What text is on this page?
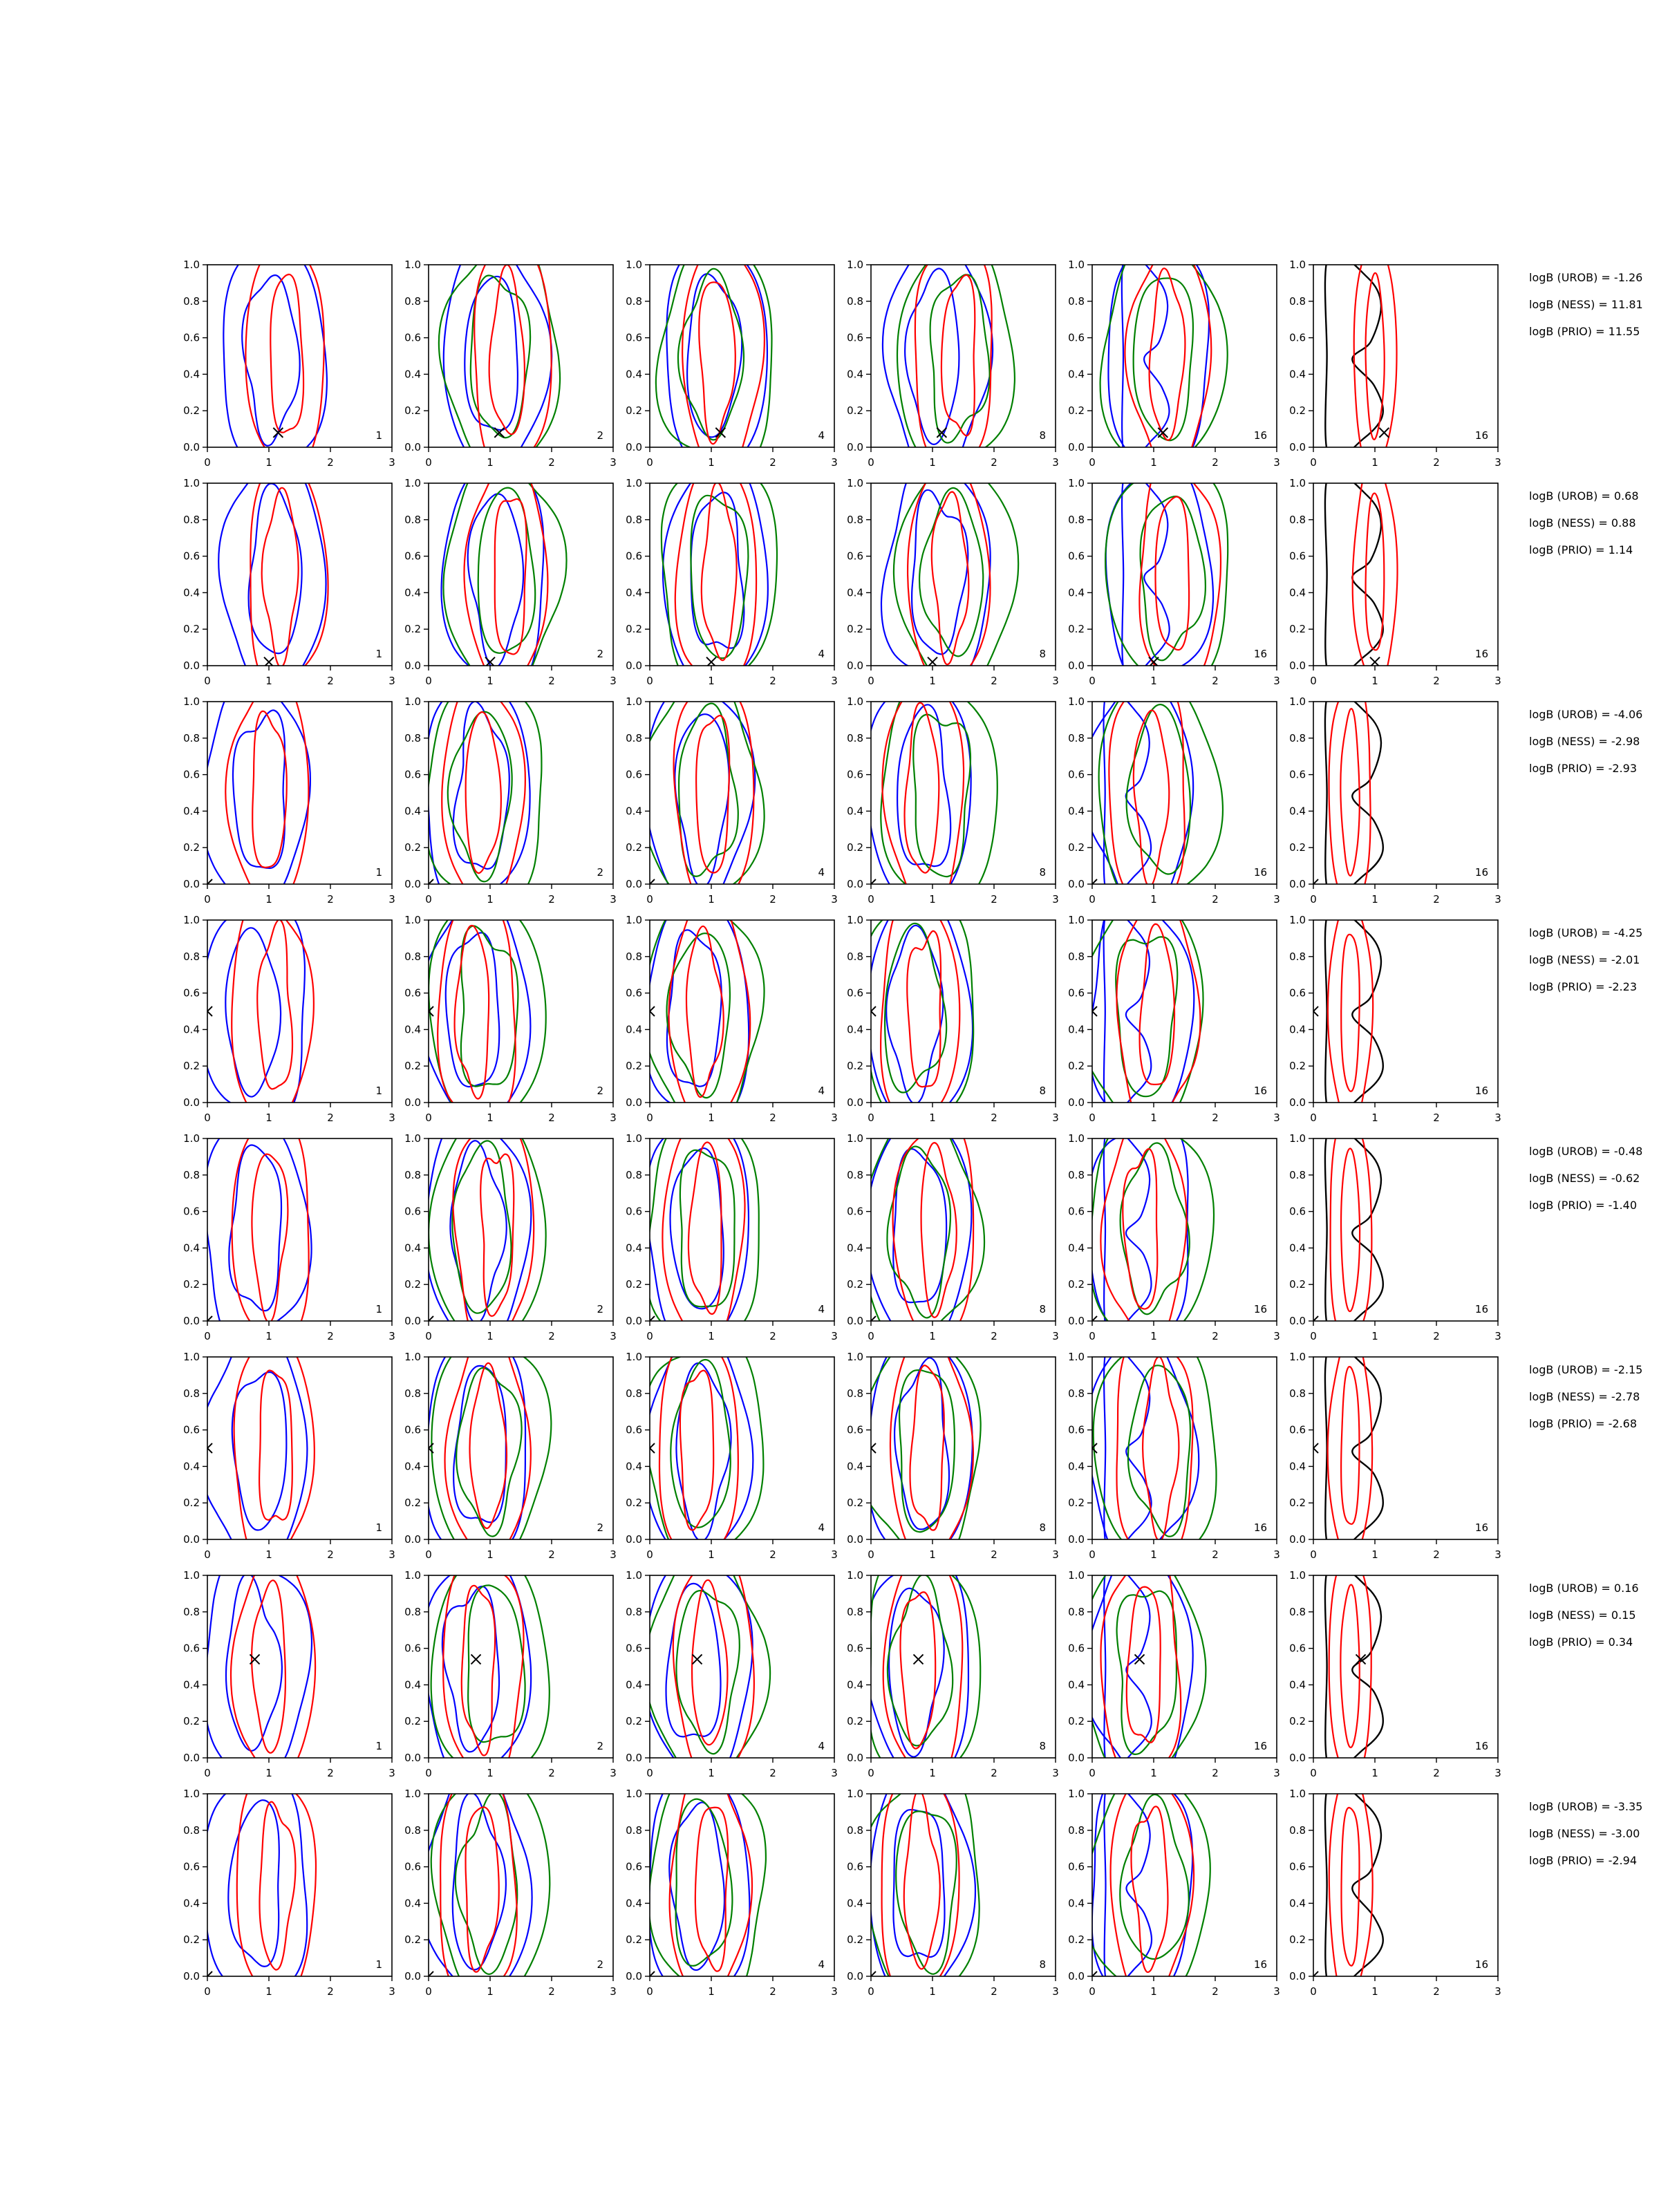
0	1	2	3
0.0
0.2
0.4
0.6
0.8
1.0
1
0	1	2	3
0.0
0.2
0.4
0.6
0.8
1.0
2
0	1	2	3
0.0
0.2
0.4
0.6
0.8
1.0
4
0	1	2	3
0.0
0.2
0.4
0.6
0.8
1.0
8
0	1	2	3
0.0
0.2
0.4
0.6
0.8
1.0
16
0	1	2	3
0.0
0.2
0.4
0.6
0.8
1.0
16
logB (UROB) = -1.26
logB (NESS) = 11.81
logB (PRIO) = 11.55
0	1	2	3
0.0
0.2
0.4
0.6
0.8
1.0
1
0	1	2	3
0.0
0.2
0.4
0.6
0.8
1.0
2
0	1	2	3
0.0
0.2
0.4
0.6
0.8
1.0
4
0	1	2	3
0.0
0.2
0.4
0.6
0.8
1.0
8
0	1	2	3
0.0
0.2
0.4
0.6
0.8
1.0
16
0	1	2	3
0.0
0.2
0.4
0.6
0.8
1.0
16
logB (UROB) = 0.68
logB (NESS) = 0.88
logB (PRIO) = 1.14
0	1	2	3
0.0
0.2
0.4
0.6
0.8
1.0
1
0	1	2	3
0.0
0.2
0.4
0.6
0.8
1.0
2
0	1	2	3
0.0
0.2
0.4
0.6
0.8
1.0
4
0	1	2	3
0.0
0.2
0.4
0.6
0.8
1.0
8
0	1	2	3
0.0
0.2
0.4
0.6
0.8
1.0
16
0	1	2	3
0.0
0.2
0.4
0.6
0.8
1.0
16
logB (UROB) = -4.06
logB (NESS) = -2.98
logB (PRIO) = -2.93
0	1	2	3
0.0
0.2
0.4
0.6
0.8
1.0
1
0	1	2	3
0.0
0.2
0.4
0.6
0.8
1.0
2
0	1	2	3
0.0
0.2
0.4
0.6
0.8
1.0
4
0	1	2	3
0.0
0.2
0.4
0.6
0.8
1.0
8
0	1	2	3
0.0
0.2
0.4
0.6
0.8
1.0
16
0	1	2	3
0.0
0.2
0.4
0.6
0.8
1.0
16
logB (UROB) = -4.25
logB (NESS) = -2.01
logB (PRIO) = -2.23
0	1	2	3
0.0
0.2
0.4
0.6
0.8
1.0
1
0	1	2	3
0.0
0.2
0.4
0.6
0.8
1.0
2
0	1	2	3
0.0
0.2
0.4
0.6
0.8
1.0
4
0	1	2	3
0.0
0.2
0.4
0.6
0.8
1.0
8
0	1	2	3
0.0
0.2
0.4
0.6
0.8
1.0
16
0	1	2	3
0.0
0.2
0.4
0.6
0.8
1.0
16
logB (UROB) = -0.48
logB (NESS) = -0.62
logB (PRIO) = -1.40
0	1	2	3
0.0
0.2
0.4
0.6
0.8
1.0
1
0	1	2	3
0.0
0.2
0.4
0.6
0.8
1.0
2
0	1	2	3
0.0
0.2
0.4
0.6
0.8
1.0
4
0	1	2	3
0.0
0.2
0.4
0.6
0.8
1.0
8
0	1	2	3
0.0
0.2
0.4
0.6
0.8
1.0
16
0	1	2	3
0.0
0.2
0.4
0.6
0.8
1.0
16
logB (UROB) = -2.15
logB (NESS) = -2.78
logB (PRIO) = -2.68
0	1	2	3
0.0
0.2
0.4
0.6
0.8
1.0
1
0	1	2	3
0.0
0.2
0.4
0.6
0.8
1.0
2
0	1	2	3
0.0
0.2
0.4
0.6
0.8
1.0
4
0	1	2	3
0.0
0.2
0.4
0.6
0.8
1.0
8
0	1	2	3
0.0
0.2
0.4
0.6
0.8
1.0
16
0	1	2	3
0.0
0.2
0.4
0.6
0.8
1.0
16
logB (UROB) = 0.16
logB (NESS) = 0.15
logB (PRIO) = 0.34
0	1	2	3
0.0
0.2
0.4
0.6
0.8
1.0
1
0	1	2	3
0.0
0.2
0.4
0.6
0.8
1.0
2
0	1	2	3
0.0
0.2
0.4
0.6
0.8
1.0
4
0	1	2	3
0.0
0.2
0.4
0.6
0.8
1.0
8
0	1	2	3
0.0
0.2
0.4
0.6
0.8
1.0
16
0	1	2	3
0.0
0.2
0.4
0.6
0.8
1.0
16
logB (UROB) = -3.35
logB (NESS) = -3.00
logB (PRIO) = -2.94
